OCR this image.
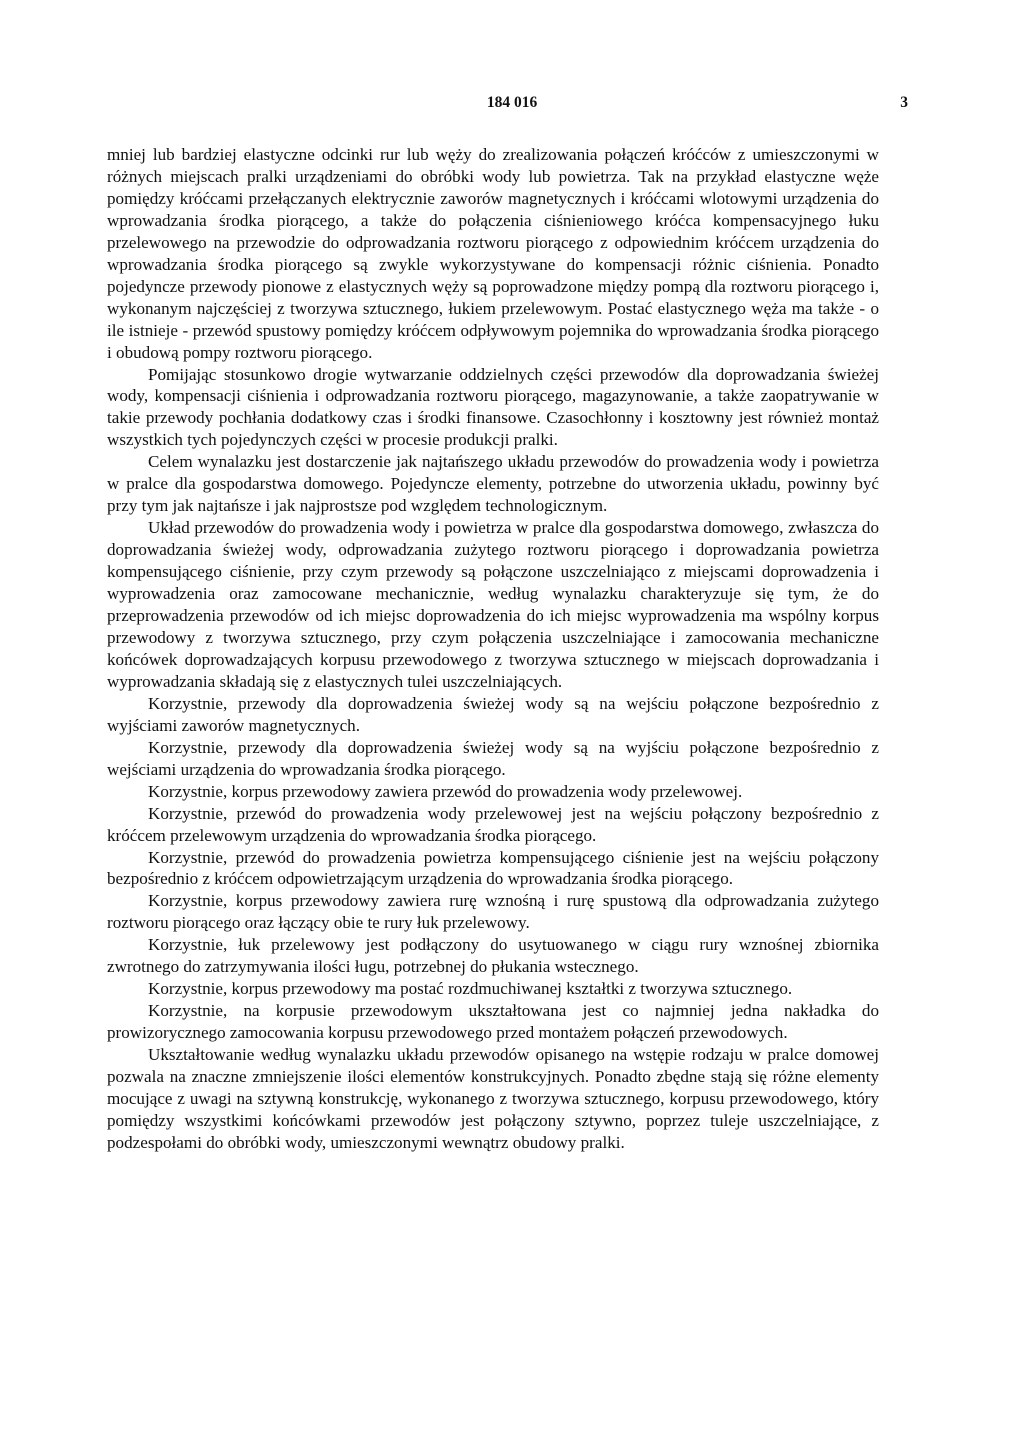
184 016	3

mniej lub bardziej elastyczne odcinki rur lub węży do zrealizowania połączeń króćców z umieszczonymi w różnych miejscach pralki urządzeniami do obróbki wody lub powietrza. Tak na przykład elastyczne węże pomiędzy króćcami przełączanych elektrycznie zaworów magnetycznych i króćcami wlotowymi urządzenia do wprowadzania środka piorącego, a także do połączenia ciśnieniowego króćca kompensacyjnego łuku przelewowego na przewodzie do odprowadzania roztworu piorącego z odpowiednim króćcem urządzenia do wprowadzania środka piorącego są zwykle wykorzystywane do kompensacji różnic ciśnienia. Ponadto pojedyncze przewody pionowe z elastycznych węży są poprowadzone między pompą dla roztworu piorącego i, wykonanym najczęściej z tworzywa sztucznego, łukiem przelewowym. Postać elastycznego węża ma także - o ile istnieje - przewód spustowy pomiędzy króćcem odpływowym pojemnika do wprowadzania środka piorącego i obudową pompy roztworu piorącego.

Pomijając stosunkowo drogie wytwarzanie oddzielnych części przewodów dla doprowadzania świeżej wody, kompensacji ciśnienia i odprowadzania roztworu piorącego, magazynowanie, a także zaopatrywanie w takie przewody pochłania dodatkowy czas i środki finansowe. Czasochłonny i kosztowny jest również montaż wszystkich tych pojedynczych części w procesie produkcji pralki.

Celem wynalazku jest dostarczenie jak najtańszego układu przewodów do prowadzenia wody i powietrza w pralce dla gospodarstwa domowego. Pojedyncze elementy, potrzebne do utworzenia układu, powinny być przy tym jak najtańsze i jak najprostsze pod względem technologicznym.

Układ przewodów do prowadzenia wody i powietrza w pralce dla gospodarstwa domowego, zwłaszcza do doprowadzania świeżej wody, odprowadzania zużytego roztworu piorącego i doprowadzania powietrza kompensującego ciśnienie, przy czym przewody są połączone uszczelniająco z miejscami doprowadzenia i wyprowadzenia oraz zamocowane mechanicznie, według wynalazku charakteryzuje się tym, że do przeprowadzenia przewodów od ich miejsc doprowadzenia do ich miejsc wyprowadzenia ma wspólny korpus przewodowy z tworzywa sztucznego, przy czym połączenia uszczelniające i zamocowania mechaniczne końcówek doprowadzających korpusu przewodowego z tworzywa sztucznego w miejscach doprowadzania i wyprowadzania składają się z elastycznych tulei uszczelniających.

Korzystnie, przewody dla doprowadzenia świeżej wody są na wejściu połączone bezpośrednio z wyjściami zaworów magnetycznych.

Korzystnie, przewody dla doprowadzenia świeżej wody są na wyjściu połączone bezpośrednio z wejściami urządzenia do wprowadzania środka piorącego.

Korzystnie, korpus przewodowy zawiera przewód do prowadzenia wody przelewowej.

Korzystnie, przewód do prowadzenia wody przelewowej jest na wejściu połączony bezpośrednio z króćcem przelewowym urządzenia do wprowadzania środka piorącego.

Korzystnie, przewód do prowadzenia powietrza kompensującego ciśnienie jest na wejściu połączony bezpośrednio z króćcem odpowietrzającym urządzenia do wprowadzania środka piorącego.

Korzystnie, korpus przewodowy zawiera rurę wznośną i rurę spustową dla odprowadzania zużytego roztworu piorącego oraz łączący obie te rury łuk przelewowy.

Korzystnie, łuk przelewowy jest podłączony do usytuowanego w ciągu rury wznośnej zbiornika zwrotnego do zatrzymywania ilości ługu, potrzebnej do płukania wstecznego.

Korzystnie, korpus przewodowy ma postać rozdmuchiwanej kształtki z tworzywa sztucznego.

Korzystnie, na korpusie przewodowym ukształtowana jest co najmniej jedna nakładka do prowizorycznego zamocowania korpusu przewodowego przed montażem połączeń przewodowych.

Ukształtowanie według wynalazku układu przewodów opisanego na wstępie rodzaju w pralce domowej pozwala na znaczne zmniejszenie ilości elementów konstrukcyjnych. Ponadto zbędne stają się różne elementy mocujące z uwagi na sztywną konstrukcję, wykonanego z tworzywa sztucznego, korpusu przewodowego, który pomiędzy wszystkimi końcówkami przewodów jest połączony sztywno, poprzez tuleje uszczelniające, z podzespołami do obróbki wody, umieszczonymi wewnątrz obudowy pralki.
